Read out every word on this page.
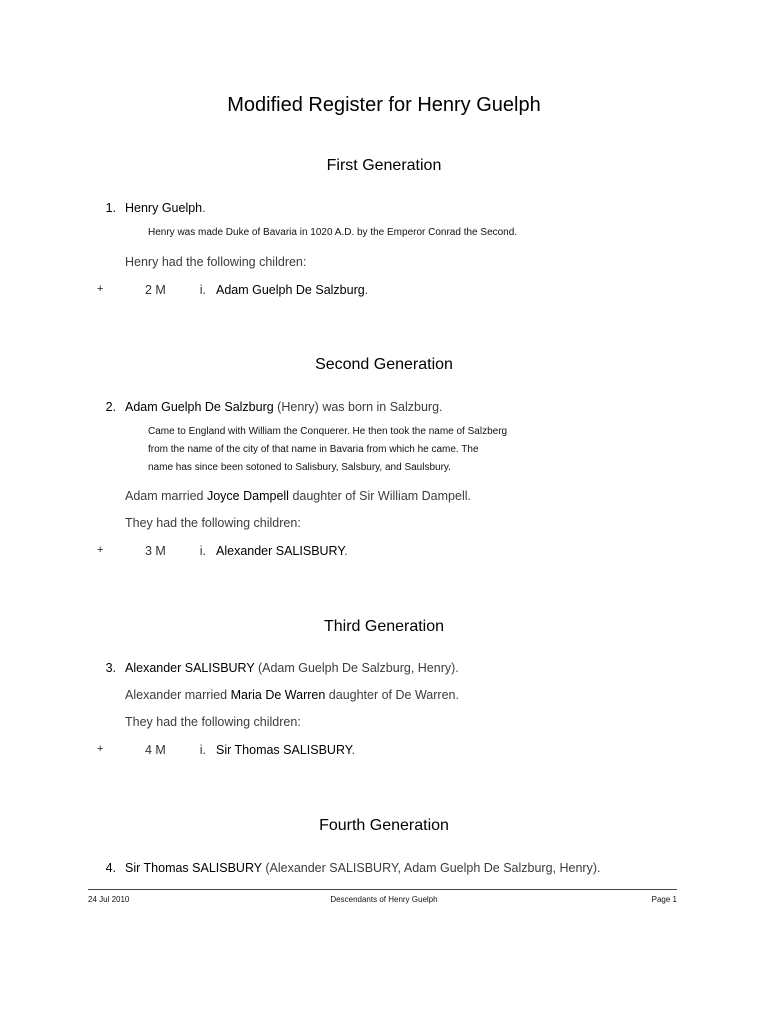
Modified Register for Henry Guelph
First Generation
1. Henry Guelph.
Henry was made Duke of Bavaria in 1020 A.D. by the Emperor Conrad the Second.
Henry had the following children:
+	2 M	i. Adam Guelph De Salzburg.
Second Generation
2. Adam Guelph De Salzburg (Henry) was born in Salzburg.
Came to England with William the Conquerer. He then took the name of Salzberg
from the name of the city of that name in Bavaria from which he came. The
name has since been sotoned to Salisbury, Salsbury, and Saulsbury.
Adam married Joyce Dampell daughter of Sir William Dampell.
They had the following children:
+	3 M	i. Alexander SALISBURY.
Third Generation
3. Alexander SALISBURY (Adam Guelph De Salzburg, Henry).
Alexander married Maria De Warren daughter of De Warren.
They had the following children:
+	4 M	i. Sir Thomas SALISBURY.
Fourth Generation
4. Sir Thomas SALISBURY (Alexander SALISBURY, Adam Guelph De Salzburg, Henry).
24 Jul 2010	Descendants of Henry Guelph	Page 1
